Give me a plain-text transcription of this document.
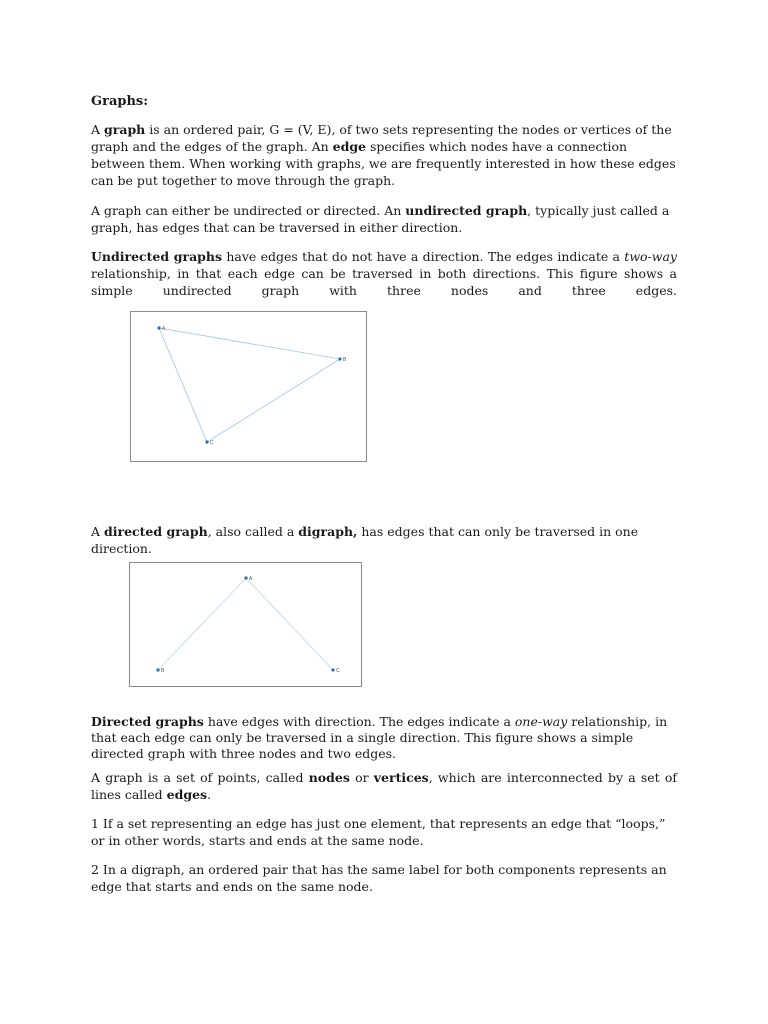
Graphs:

A graph is an ordered pair, G = (V, E), of two sets representing the nodes or vertices of the graph and the edges of the graph. An edge specifies which nodes have a connection between them. When working with graphs, we are frequently interested in how these edges can be put together to move through the graph.

A graph can either be undirected or directed. An undirected graph, typically just called a graph, has edges that can be traversed in either direction.

Undirected graphs have edges that do not have a direction. The edges indicate a two-way relationship, in that each edge can be traversed in both directions. This figure shows a simple undirected graph with three nodes and three edges.

A
B
C

A directed graph, also called a digraph, has edges that can only be traversed in one direction.

A
B	C

Directed graphs have edges with direction. The edges indicate a one-way relationship, in that each edge can only be traversed in a single direction. This figure shows a simple directed graph with three nodes and two edges.

A graph is a set of points, called nodes or vertices, which are interconnected by a set of lines called edges.

1 If a set representing an edge has just one element, that represents an edge that “loops,” or in other words, starts and ends at the same node.

2 In a digraph, an ordered pair that has the same label for both components represents an edge that starts and ends on the same node.
